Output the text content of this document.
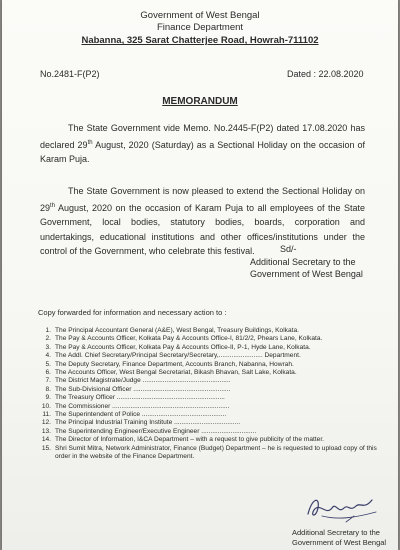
Government of West Bengal
Finance Department
Nabanna, 325 Sarat Chatterjee Road, Howrah-711102
No.2481-F(P2)	Dated : 22.08.2020
MEMORANDUM
The State Government vide Memo. No.2445-F(P2) dated 17.08.2020 has declared 29th August, 2020 (Saturday) as a Sectional Holiday on the occasion of Karam Puja.
The State Government is now pleased to extend the Sectional Holiday on 29th August, 2020 on the occasion of Karam Puja to all employees of the State Government, local bodies, statutory bodies, boards, corporation and undertakings, educational institutions and other offices/institutions under the control of the Government, who celebrate this festival.	Sd/-
Additional Secretary to the
Government of West Bengal
Copy forwarded for information and necessary action to :
1. The Principal Accountant General (A&E), West Bengal, Treasury Buildings, Kolkata.
2. The Pay & Accounts Officer, Kolkata Pay & Accounts Office-I, 81/2/2, Phears Lane, Kolkata.
3. The Pay & Accounts Officer, Kolkata Pay & Accounts Office-II, P-1, Hyde Lane, Kolkata.
4. The Addl. Chief Secretary/Principal Secretary/Secretary,........................ Department.
5. The Deputy Secretary, Finance Department, Accounts Branch, Nabanna, Howrah.
6. The Accounts Officer, West Bengal Secretariat, Bikash Bhavan, Salt Lake, Kolkata.
7. The District Magistrate/Judge ................................................
8. The Sub-Divisional Officer .....................................................
9. The Treasury Officer ...........................................................
10. The Commissioner ................................................................
11. The Superintendent of Police ..............................................
12. The Principal Industrial Training Institute ....................................
13. The Superintending Engineer/Executive Engineer ..............................
14. The Director of Information, I&CA Department – with a request to give publicity of the matter.
15. Shri Sumit Mitra, Network Administrator, Finance (Budget) Department – he is requested to upload copy of this order in the website of the Finance Department.
Additional Secretary to the
Government of West Bengal
